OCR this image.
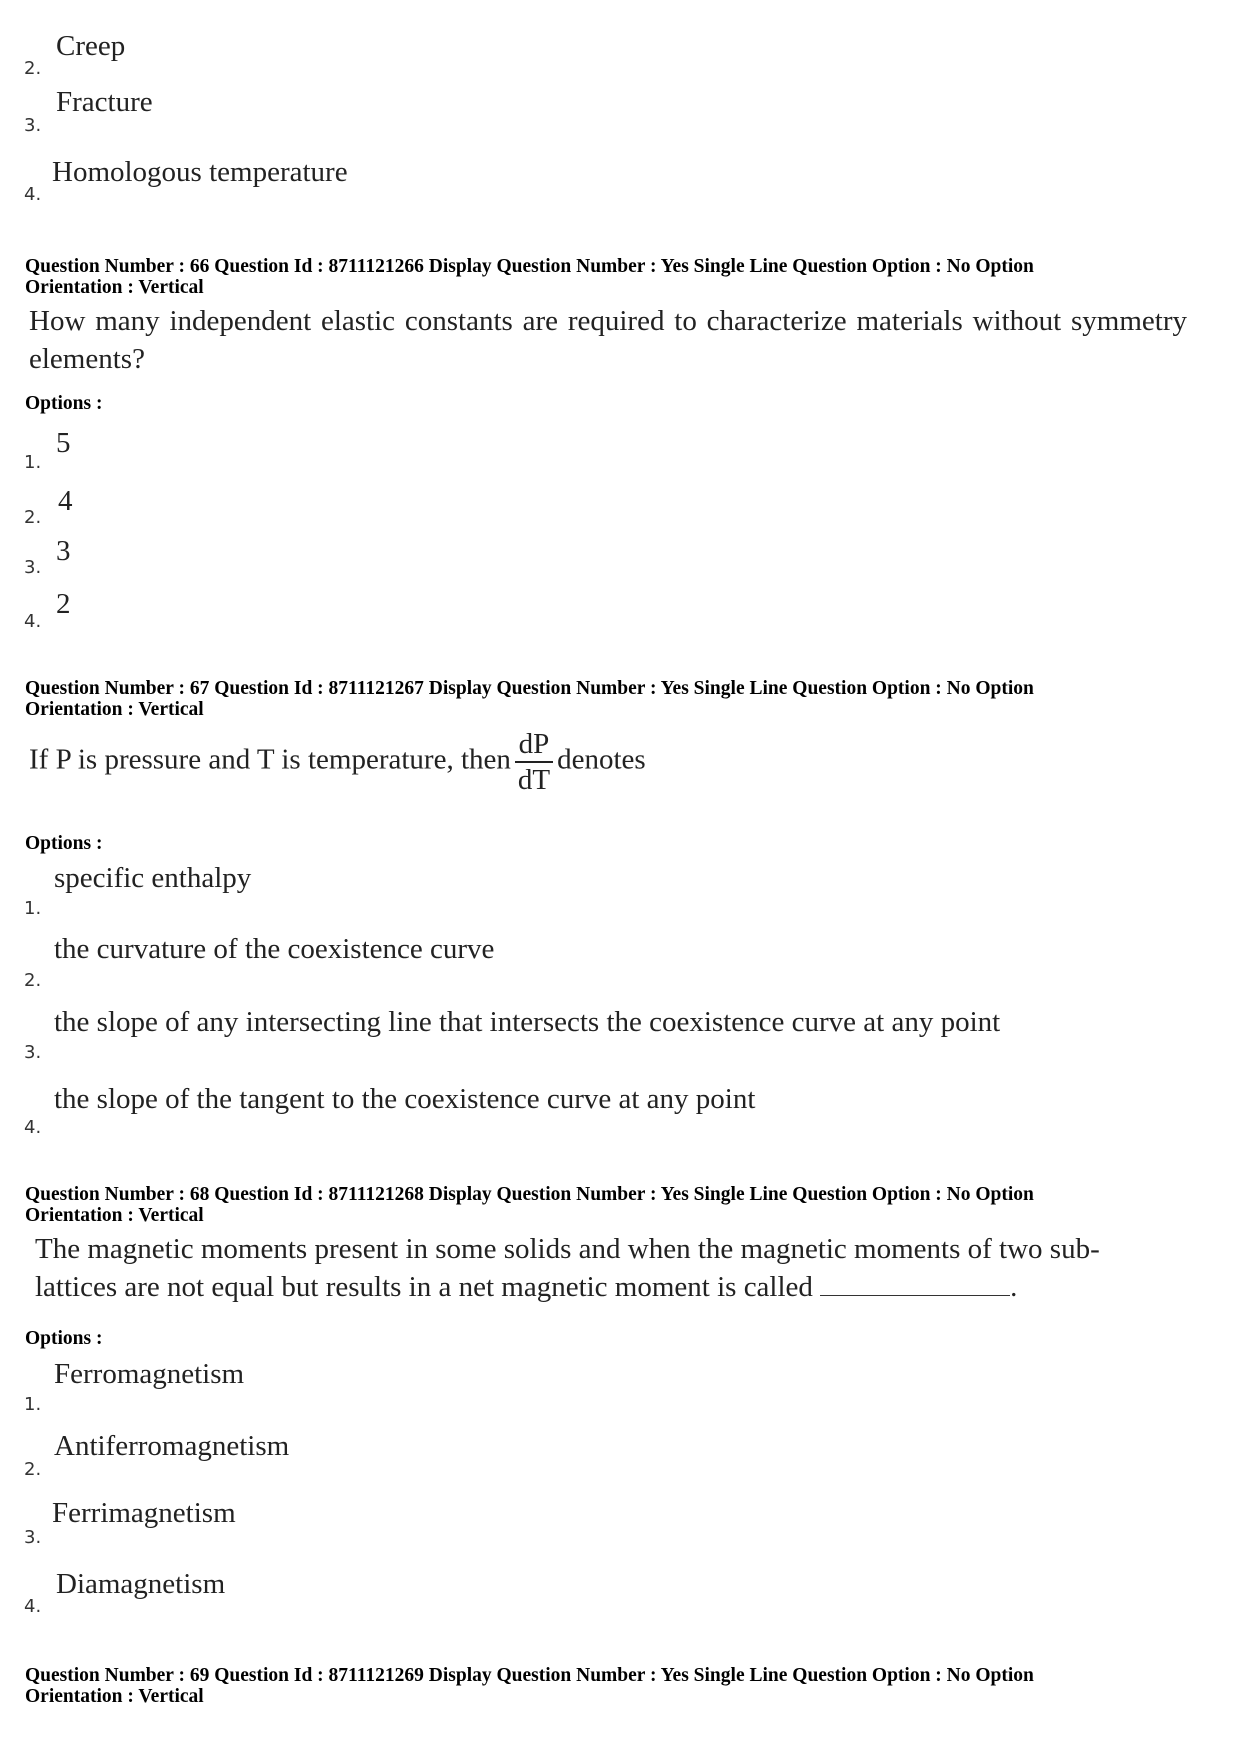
2.
Creep
3.
Fracture
4.
Homologous temperature
Question Number : 66 Question Id : 8711121266 Display Question Number : Yes Single Line Question Option : No Option
Orientation : Vertical
How many independent elastic constants are required to characterize materials without symmetry elements?
Options :
1.
5
2.
4
3.
3
4.
2
Question Number : 67 Question Id : 8711121267 Display Question Number : Yes Single Line Question Option : No Option
Orientation : Vertical
If P is pressure and T is temperature, then $\frac{dP}{dT}$ denotes
Options :
1.
specific enthalpy
2.
the curvature of the coexistence curve
3.
the slope of any intersecting line that intersects the coexistence curve at any point
4.
the slope of the tangent to the coexistence curve at any point
Question Number : 68 Question Id : 8711121268 Display Question Number : Yes Single Line Question Option : No Option
Orientation : Vertical
The magnetic moments present in some solids and when the magnetic moments of two sub-
lattices are not equal but results in a net magnetic moment is called	.
Options :
1.
Ferromagnetism
2.
Antiferromagnetism
3.
Ferrimagnetism
4.
Diamagnetism
Question Number : 69 Question Id : 8711121269 Display Question Number : Yes Single Line Question Option : No Option
Orientation : Vertical
